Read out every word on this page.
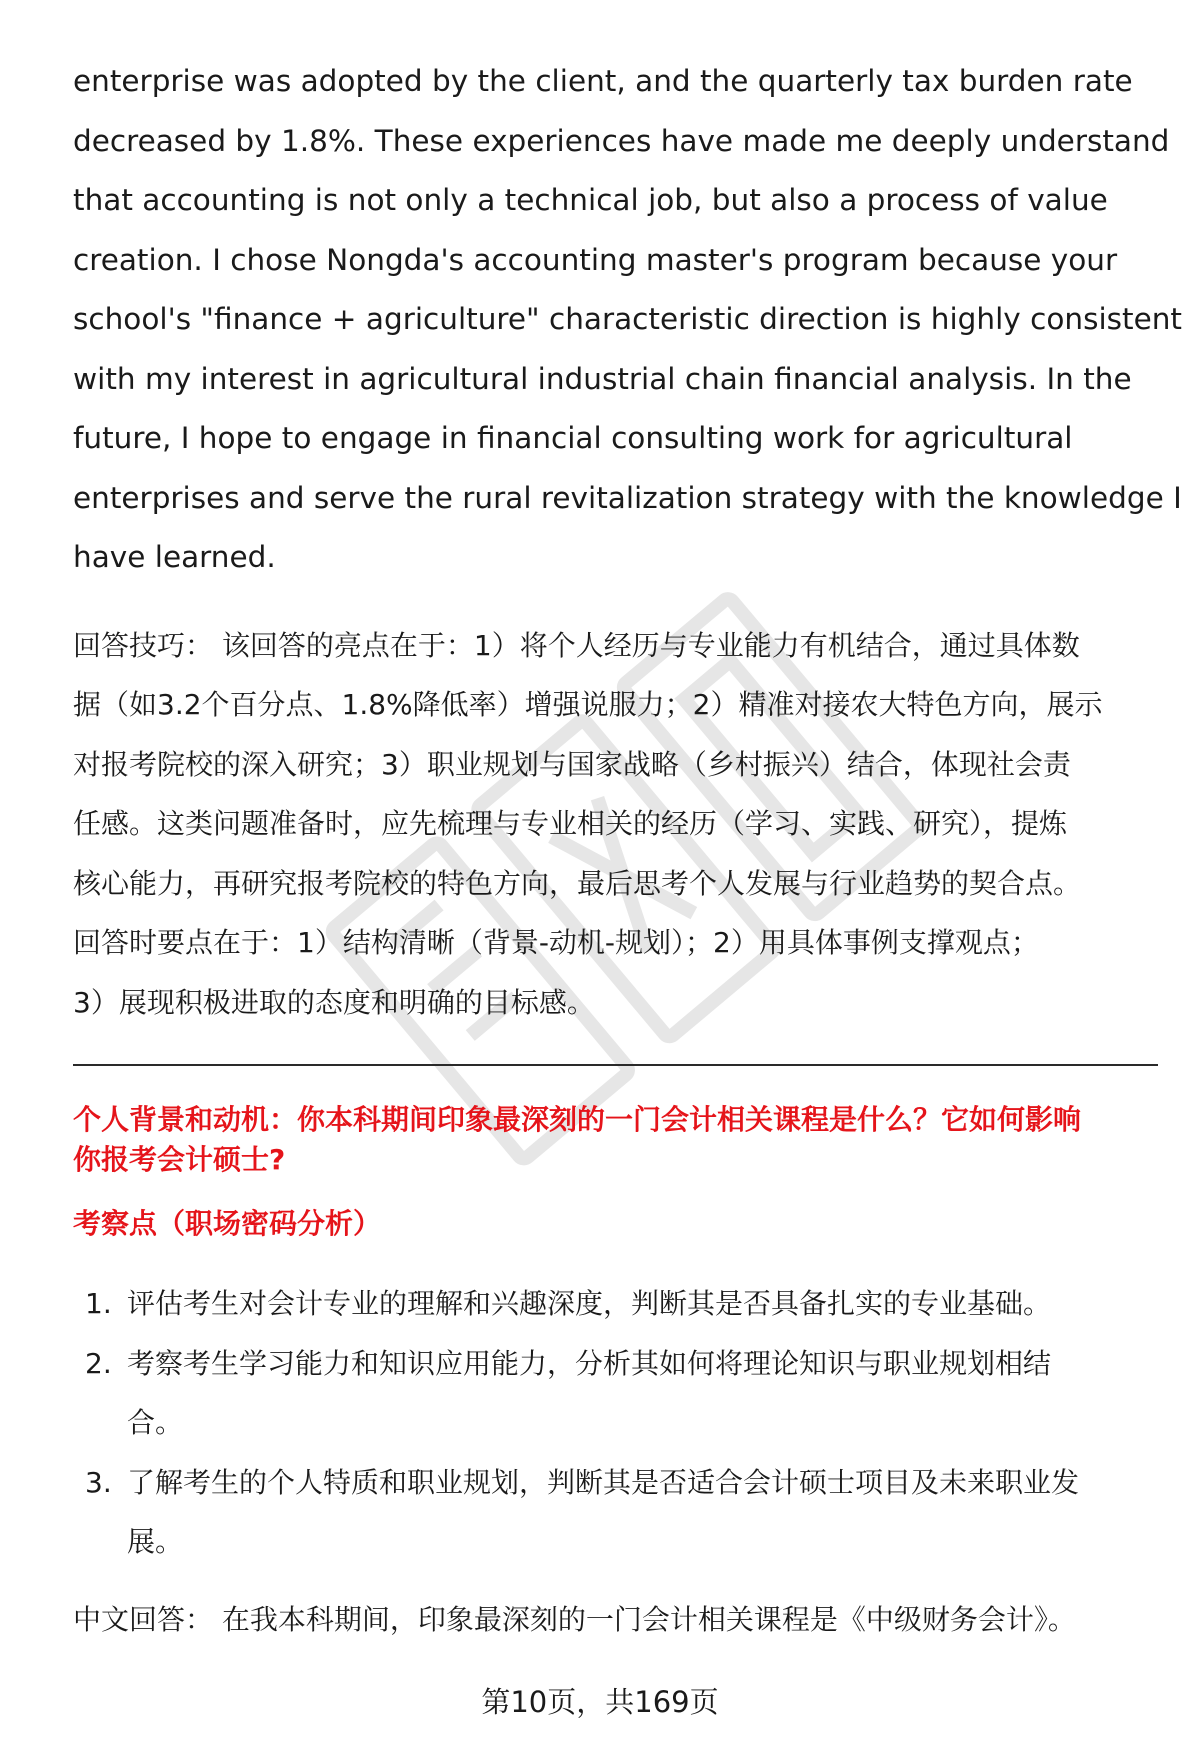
enterprise was adopted by the client, and the quarterly tax burden rate
decreased by 1.8%. These experiences have made me deeply understand
that accounting is not only a technical job, but also a process of value
creation. I chose Nongda's accounting master's program because your
school's "finance + agriculture" characteristic direction is highly consistent
with my interest in agricultural industrial chain financial analysis. In the
future, I hope to engage in financial consulting work for agricultural
enterprises and serve the rural revitalization strategy with the knowledge I
have learned.
回答技巧： 该回答的亮点在于：1）将个人经历与专业能力有机结合，通过具体数
据（如3.2个百分点、1.8%降低率）增强说服力；2）精准对接农大特色方向，展示
对报考院校的深入研究；3）职业规划与国家战略（乡村振兴）结合，体现社会责
任感。这类问题准备时，应先梳理与专业相关的经历（学习、实践、研究），提炼
核心能力，再研究报考院校的特色方向，最后思考个人发展与行业趋势的契合点。
回答时要点在于：1）结构清晰（背景-动机-规划）；2）用具体事例支撑观点；
3）展现积极进取的态度和明确的目标感。
个人背景和动机：你本科期间印象最深刻的一门会计相关课程是什么？它如何影响
你报考会计硕士?
考察点（职场密码分析）
1. 评估考生对会计专业的理解和兴趣深度，判断其是否具备扎实的专业基础。
2. 考察考生学习能力和知识应用能力，分析其如何将理论知识与职业规划相结
合。
3. 了解考生的个人特质和职业规划，判断其是否适合会计硕士项目及未来职业发
展。
中文回答： 在我本科期间，印象最深刻的一门会计相关课程是《中级财务会计》。
第10页，共169页
